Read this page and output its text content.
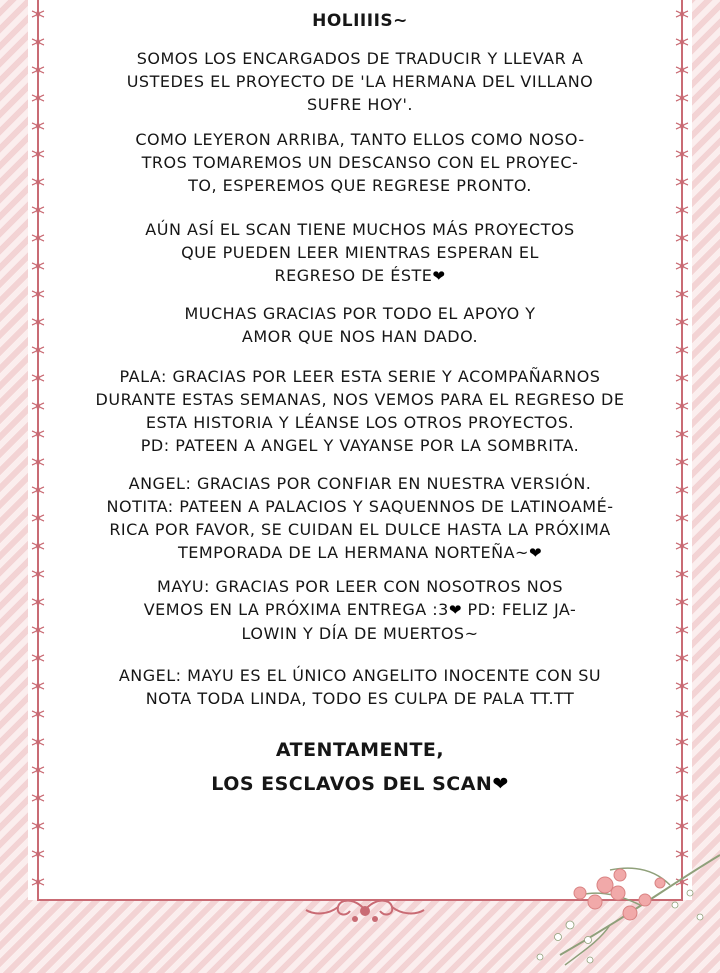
HOLIIIIS~

SOMOS LOS ENCARGADOS DE TRADUCIR Y LLEVAR A

USTEDES EL PROYECTO DE 'LA HERMANA DEL VILLANO

SUFRE HOY'.

COMO LEYERON ARRIBA, TANTO ELLOS COMO NOSO-

TROS TOMAREMOS UN DESCANSO CON EL PROYEC-

TO, ESPEREMOS QUE REGRESE PRONTO.

AÚN ASÍ EL SCAN TIENE MUCHOS MÁS PROYECTOS

QUE PUEDEN LEER MIENTRAS ESPERAN EL

REGRESO DE ÉSTE❤

MUCHAS GRACIAS POR TODO EL APOYO Y

AMOR QUE NOS HAN DADO.

PALA: GRACIAS POR LEER ESTA SERIE Y ACOMPAÑARNOS

DURANTE ESTAS SEMANAS, NOS VEMOS PARA EL REGRESO DE

ESTA HISTORIA Y LÉANSE LOS OTROS PROYECTOS.

PD: PATEEN A ANGEL Y VAYANSE POR LA SOMBRITA.

ANGEL: GRACIAS POR CONFIAR EN NUESTRA VERSIÓN.

NOTITA: PATEEN A PALACIOS Y SAQUENNOS DE LATINOAMÉ-

RICA POR FAVOR, SE CUIDAN EL DULCE HASTA LA PRÓXIMA

TEMPORADA DE LA HERMANA NORTEÑA~❤

MAYU: GRACIAS POR LEER CON NOSOTROS NOS

VEMOS EN LA PRÓXIMA ENTREGA :3❤ PD: FELIZ JA-

LOWIN Y DÍA DE MUERTOS~

ANGEL: MAYU ES EL ÚNICO ANGELITO INOCENTE CON SU

NOTA TODA LINDA, TODO ES CULPA DE PALA TT.TT

ATENTAMENTE,

LOS ESCLAVOS DEL SCAN❤
